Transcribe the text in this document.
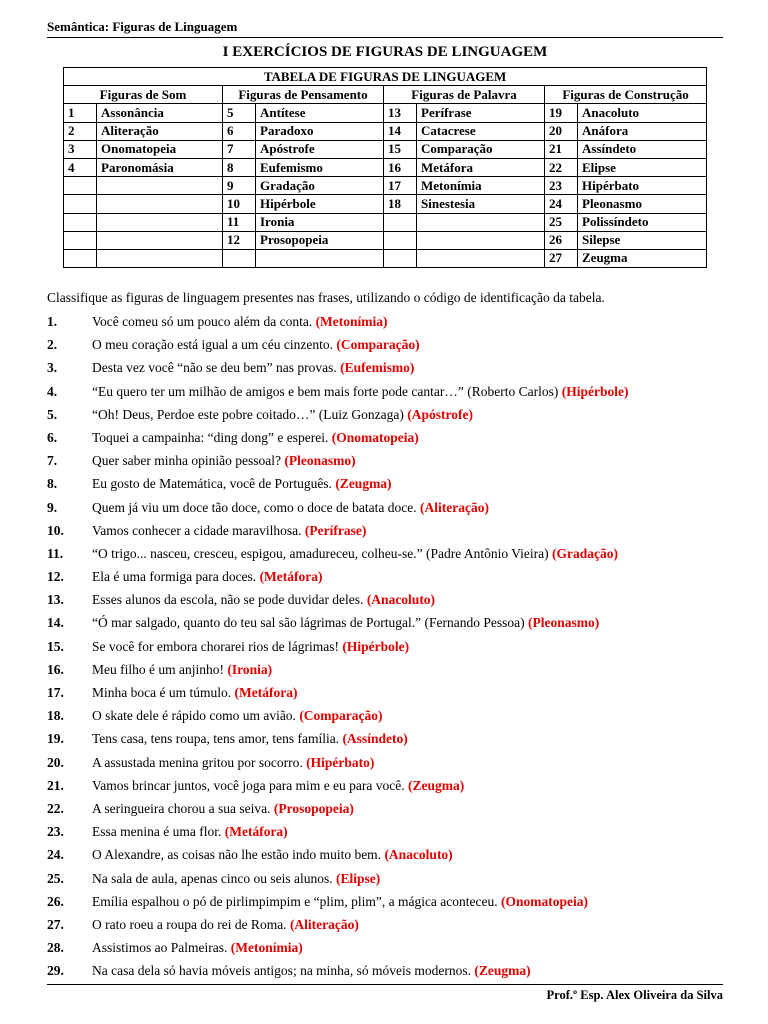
Semântica: Figuras de Linguagem
I EXERCÍCIOS DE FIGURAS DE LINGUAGEM
TABELA DE FIGURAS DE LINGUAGEM							
Figuras de Som		Figuras de Pensamento		Figuras de Palavra		Figuras de Construção	
1	Assonância	5	Antítese	13	Perífrase	19	Anacoluto
2	Aliteração	6	Paradoxo	14	Catacrese	20	Anáfora
3	Onomatopeia	7	Apóstrofe	15	Comparação	21	Assíndeto
4	Paronomásia	8	Eufemismo	16	Metáfora	22	Elipse
		9	Gradação	17	Metonímia	23	Hipérbato
		10	Hipérbole	18	Sinestesia	24	Pleonasmo
		11	Ironia			25	Polissíndeto
		12	Prosopopeia			26	Silepse
						27	Zeugma
Classifique as figuras de linguagem presentes nas frases, utilizando o código de identificação da tabela.
1.	Você comeu só um pouco além da conta. (Metonímia)
2.	O meu coração está igual a um céu cinzento. (Comparação)
3.	Desta vez você “não se deu bem” nas provas. (Eufemismo)
4.	“Eu quero ter um milhão de amigos e bem mais forte pode cantar…” (Roberto Carlos) (Hipérbole)
5.	“Oh! Deus, Perdoe este pobre coitado…” (Luiz Gonzaga) (Apóstrofe)
6.	Toquei a campainha: “ding dong” e esperei. (Onomatopeia)
7.	Quer saber minha opinião pessoal? (Pleonasmo)
8.	Eu gosto de Matemática, você de Português. (Zeugma)
9.	Quem já viu um doce tão doce, como o doce de batata doce. (Aliteração)
10.	Vamos conhecer a cidade maravilhosa. (Perífrase)
11.	“O trigo... nasceu, cresceu, espigou, amadureceu, colheu-se.” (Padre Antônio Vieira) (Gradação)
12.	Ela é uma formiga para doces. (Metáfora)
13.	Esses alunos da escola, não se pode duvidar deles. (Anacoluto)
14.	“Ó mar salgado, quanto do teu sal são lágrimas de Portugal.” (Fernando Pessoa) (Pleonasmo)
15.	Se você for embora chorarei rios de lágrimas! (Hipérbole)
16.	Meu filho é um anjinho! (Ironia)
17.	Minha boca é um túmulo. (Metáfora)
18.	O skate dele é rápido como um avião. (Comparação)
19.	Tens casa, tens roupa, tens amor, tens família. (Assíndeto)
20.	A assustada menina gritou por socorro. (Hipérbato)
21.	Vamos brincar juntos, você joga para mim e eu para você. (Zeugma)
22.	A seringueira chorou a sua seiva. (Prosopopeia)
23.	Essa menina é uma flor. (Metáfora)
24.	O Alexandre, as coisas não lhe estão indo muito bem. (Anacoluto)
25.	Na sala de aula, apenas cinco ou seis alunos. (Elipse)
26.	Emília espalhou o pó de pirlimpimpim e “plim, plim”, a mágica aconteceu. (Onomatopeia)
27.	O rato roeu a roupa do rei de Roma. (Aliteração)
28.	Assistimos ao Palmeiras. (Metonímia)
29.	Na casa dela só havia móveis antigos; na minha, só móveis modernos. (Zeugma)
Prof.º Esp. Alex Oliveira da Silva
